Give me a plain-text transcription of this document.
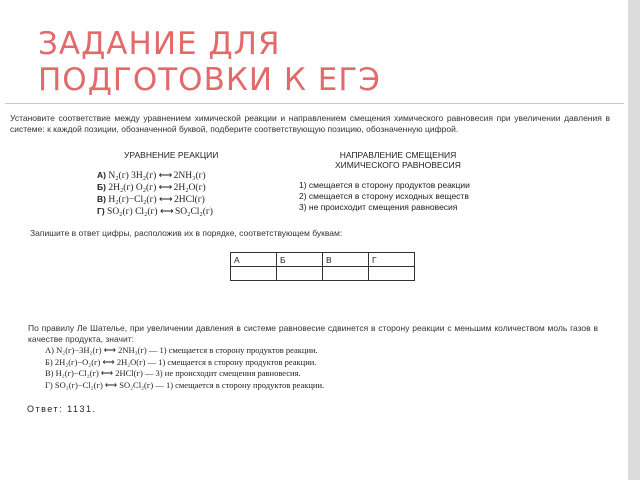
ЗАДАНИЕ ДЛЯ
ПОДГОТОВКИ К ЕГЭ
Установите соответствие между уравнением химической реакции и направлением смещения химического равновесия при увеличении давления в системе: к каждой позиции, обозначенной буквой, подберите соответствующую позицию, обозначенную цифрой.
УРАВНЕНИЕ РЕАКЦИИ	НАПРАВЛЕНИЕ СМЕЩЕНИЯ
ХИМИЧЕСКОГО РАВНОВЕСИЯ
А) N₂(г) 3H₂(г) ⟷ 2NH₃(г)
Б) 2H₂(г) O₂(г) ⟷ 2H₂O(г)
В) H₂(г)−Cl₂(г) ⟷ 2HCl(г)
Г) SO₂(г) Cl₂(г) ⟷ SO₂Cl₂(г)
1) смещается в сторону продуктов реакции
2) смещается в сторону исходных веществ
3) не происходит смещения равновесия
Запишите в ответ цифры, расположив их в порядке, соответствующем буквам:
А	Б	В	Г

По правилу Ле Шателье, при увеличении давления в системе равновесие сдвинется в сторону реакции с меньшим количеством моль газов в качестве продукта, значит:
А) N₂(г)−3H₂(г) ⟷ 2NH₃(г) — 1) смещается в сторону продуктов реакции.
Б) 2H₂(г)−O₂(г) ⟷ 2H₂O(г) — 1) смещается в сторону продуктов реакции.
В) H₂(г)−Cl₂(г) ⟷ 2HCl(г) — 3) не происходит смещения равновесия.
Г) SO₂(г)−Cl₂(г) ⟷ SO₂Cl₂(г) — 1) смещается в сторону продуктов реакции.
Ответ: 1131.
